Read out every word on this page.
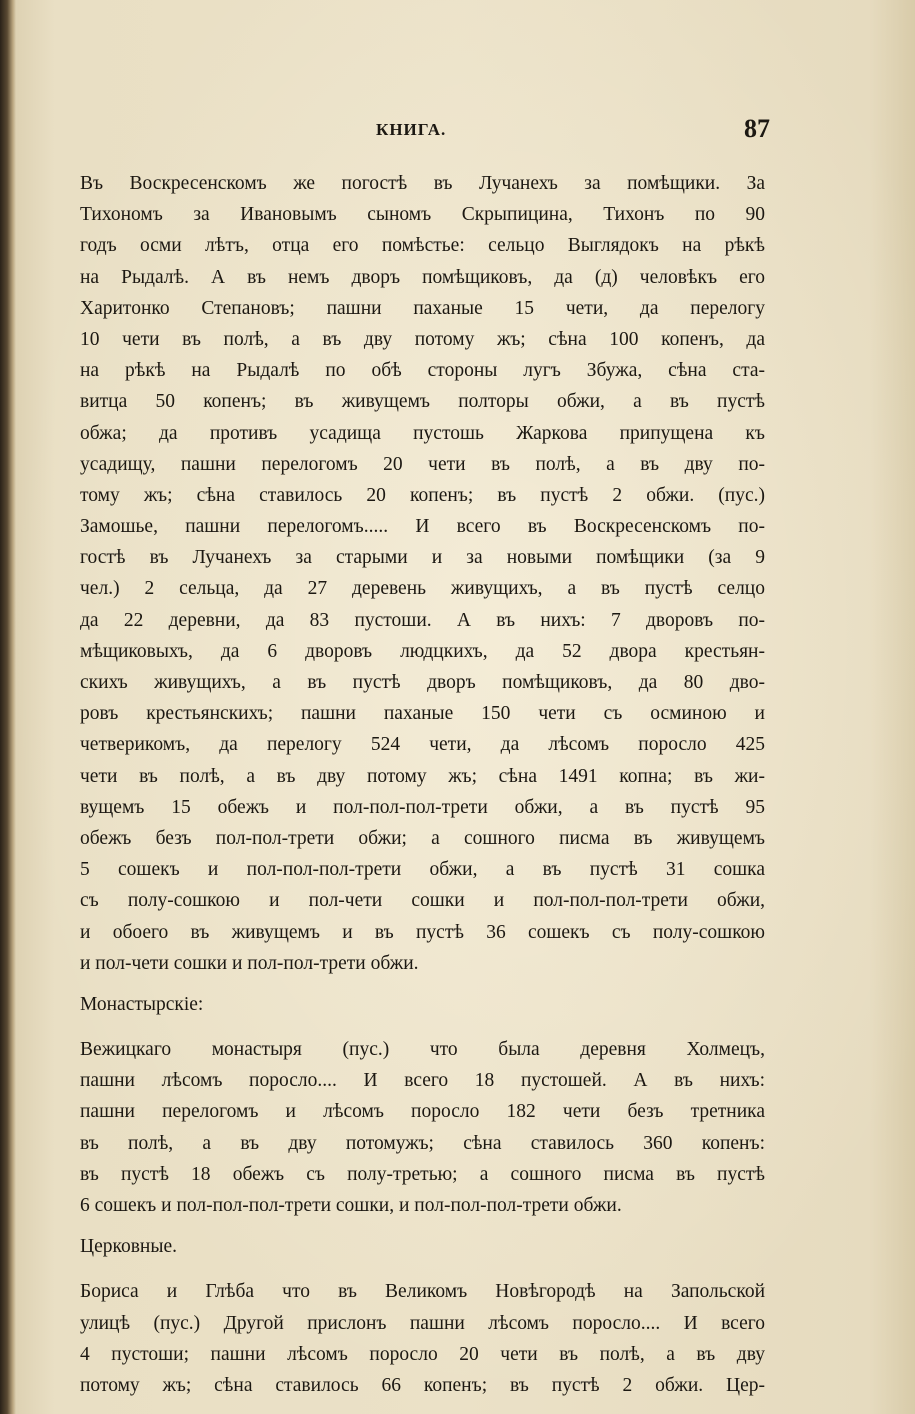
КНИГА.	87
Въ Воскресенскомъ же погостѣ въ Лучанехъ за помѣщики. За
Тихономъ за Ивановымъ сыномъ Скрыпицина, Тихонъ по 90
годъ осми лѣтъ, отца его помѣстье: сельцо Выглядокъ на рѣкѣ
на Рыдалѣ. А въ немъ дворъ помѣщиковъ, да (д) человѣкъ его
Харитонко Степановъ; пашни паханые 15 чети, да перелогу
10 чети въ полѣ, а въ дву потому жъ; сѣна 100 копенъ, да
на рѣкѣ на Рыдалѣ по обѣ стороны лугъ Збужа, сѣна ста-
витца 50 копенъ; въ живущемъ полторы обжи, а въ пустѣ
обжа; да противъ усадища пустошь Жаркова припущена къ
усадищу, пашни перелогомъ 20 чети въ полѣ, а въ дву по-
тому жъ; сѣна ставилось 20 копенъ; въ пустѣ 2 обжи. (пус.)
Замошье, пашни перелогомъ..... И всего въ Воскресенскомъ по-
гостѣ въ Лучанехъ за старыми и за новыми помѣщики (за 9
чел.) 2 сельца, да 27 деревень живущихъ, а въ пустѣ селцо
да 22 деревни, да 83 пустоши. А въ нихъ: 7 дворовъ по-
мѣщиковыхъ, да 6 дворовъ людцкихъ, да 52 двора крестьян-
скихъ живущихъ, а въ пустѣ дворъ помѣщиковъ, да 80 дво-
ровъ крестьянскихъ; пашни паханые 150 чети съ осминою и
четверикомъ, да перелогу 524 чети, да лѣсомъ поросло 425
чети въ полѣ, а въ дву потому жъ; сѣна 1491 копна; въ жи-
вущемъ 15 обежъ и пол-пол-пол-трети обжи, а въ пустѣ 95
обежъ безъ пол-пол-трети обжи; а сошного писма въ живущемъ
5 сошекъ и пол-пол-пол-трети обжи, а въ пустѣ 31 сошка
съ полу-сошкою и пол-чети сошки и пол-пол-пол-трети обжи,
и обоего въ живущемъ и въ пустѣ 36 сошекъ съ полу-сошкою
и пол-чети сошки и пол-пол-трети обжи.
Монастырскіе:
Вежицкаго монастыря (пус.) что была деревня Холмецъ,
пашни лѣсомъ поросло.... И всего 18 пустошей. А въ нихъ:
пашни перелогомъ и лѣсомъ поросло 182 чети безъ третника
въ полѣ, а въ дву потомужъ; сѣна ставилось 360 копенъ:
въ пустѣ 18 обежъ съ полу-третью; а сошного писма въ пустѣ
6 сошекъ и пол-пол-пол-трети сошки, и пол-пол-пол-трети обжи.
Церковные.
Бориса и Глѣба что въ Великомъ Новѣгородѣ на Запольской
улицѣ (пус.) Другой прислонъ пашни лѣсомъ поросло.... И всего
4 пустоши; пашни лѣсомъ поросло 20 чети въ полѣ, а въ дву
потому жъ; сѣна ставилось 66 копенъ; въ пустѣ 2 обжи. Цер-
